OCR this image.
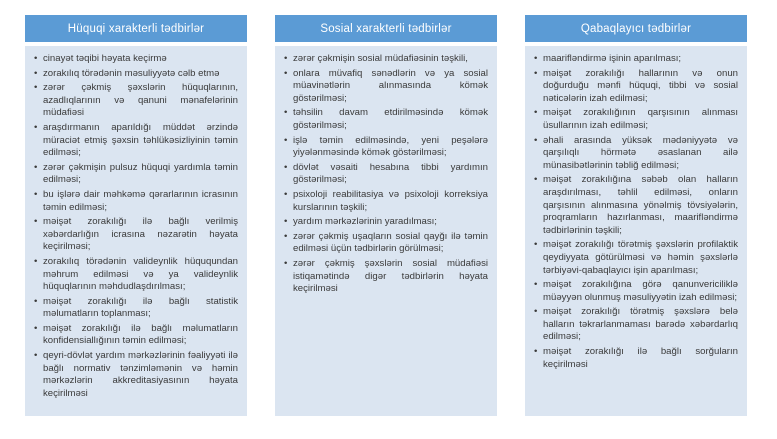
Hüquqi xarakterli tədbirlər
• cinayət təqibi həyata keçirmə
• zorakılıq törədənin məsuliyyətə cəlb etmə
• zərər çəkmiş şəxslərin hüquqlarının, azadlıqlarının və qanuni mənafelərinin müdafiəsi
• araşdırmanın aparıldığı müddət ərzində müraciət etmiş şəxsin təhlükəsizliyinin təmin edilməsi;
• zərər çəkmişin pulsuz hüquqi yardımla təmin edilməsi;
• bu işlərə dair məhkəmə qərarlarının icrasının təmin edilməsi;
• məişət zorakılığı ilə bağlı verilmiş xəbərdarlığın icrasına nəzarətin həyata keçirilməsi;
• zorakılıq törədənin valideynlik hüququndan məhrum edilməsi və ya valideynlik hüquqlarının məhdudlaşdırılması;
• məişət zorakılığı ilə bağlı statistik məlumatların toplanması;
• məişət zorakılığı ilə bağlı məlumatların konfidensiallığının təmin edilməsi;
• qeyri-dövlət yardım mərkəzlərinin fəaliyyəti ilə bağlı normativ tənzimləmənin və həmin mərkəzlərin akkreditasiyasının həyata keçirilməsi
Sosial xarakterli tədbirlər
• zərər çəkmişin sosial müdafiəsinin təşkili,
• onlara müvafiq sənədlərin və ya sosial müavinətlərin alınmasında kömək göstərilməsi;
• təhsilin davam etdirilməsində kömək göstərilməsi;
• işlə təmin edilməsində, yeni peşələrə yiyələnməsində kömək göstərilməsi;
• dövlət vəsaiti hesabına tibbi yardımın göstərilməsi;
• psixoloji reabilitasiya və psixoloji korreksiya kurslarının təşkili;
• yardım mərkəzlərinin yaradılması;
• zərər çəkmiş uşaqların sosial qayğı ilə təmin edilməsi üçün tədbirlərin görülməsi;
• zərər çəkmiş şəxslərin sosial müdafiəsi istiqamətində digər tədbirlərin həyata keçirilməsi
Qabaqlayıcı tədbirlər
• maarifləndirmə işinin aparılması;
• məişət zorakılığı hallarının və onun doğurduğu mənfi hüquqi, tibbi və sosial nəticələrin izah edilməsi;
• məişət zorakılığının qarşısının alınması üsullarının izah edilməsi;
• əhali arasında yüksək mədəniyyətə və qarşılıqlı hörmətə əsaslanan ailə münasibətlərinin təbliğ edilməsi;
• məişət zorakılığına səbəb olan halların araşdırılması, təhlil edilməsi, onların qarşısının alınmasına yönəlmiş tövsiyələrin, proqramların hazırlanması, maarifləndirmə tədbirlərinin təşkili;
• məişət zorakılığı törətmiş şəxslərin profilaktik qeydiyyata götürülməsi və həmin şəxslərlə tərbiyəvi-qabaqlayıcı işin aparılması;
• məişət zorakılığına görə qanunvericiliklə müəyyən olunmuş məsuliyyətin izah edilməsi;
• məişət zorakılığı törətmiş şəxslərə belə halların təkrarlanmaması barədə xəbərdarlıq edilməsi;
• məişət zorakılığı ilə bağlı sorğuların keçirilməsi
